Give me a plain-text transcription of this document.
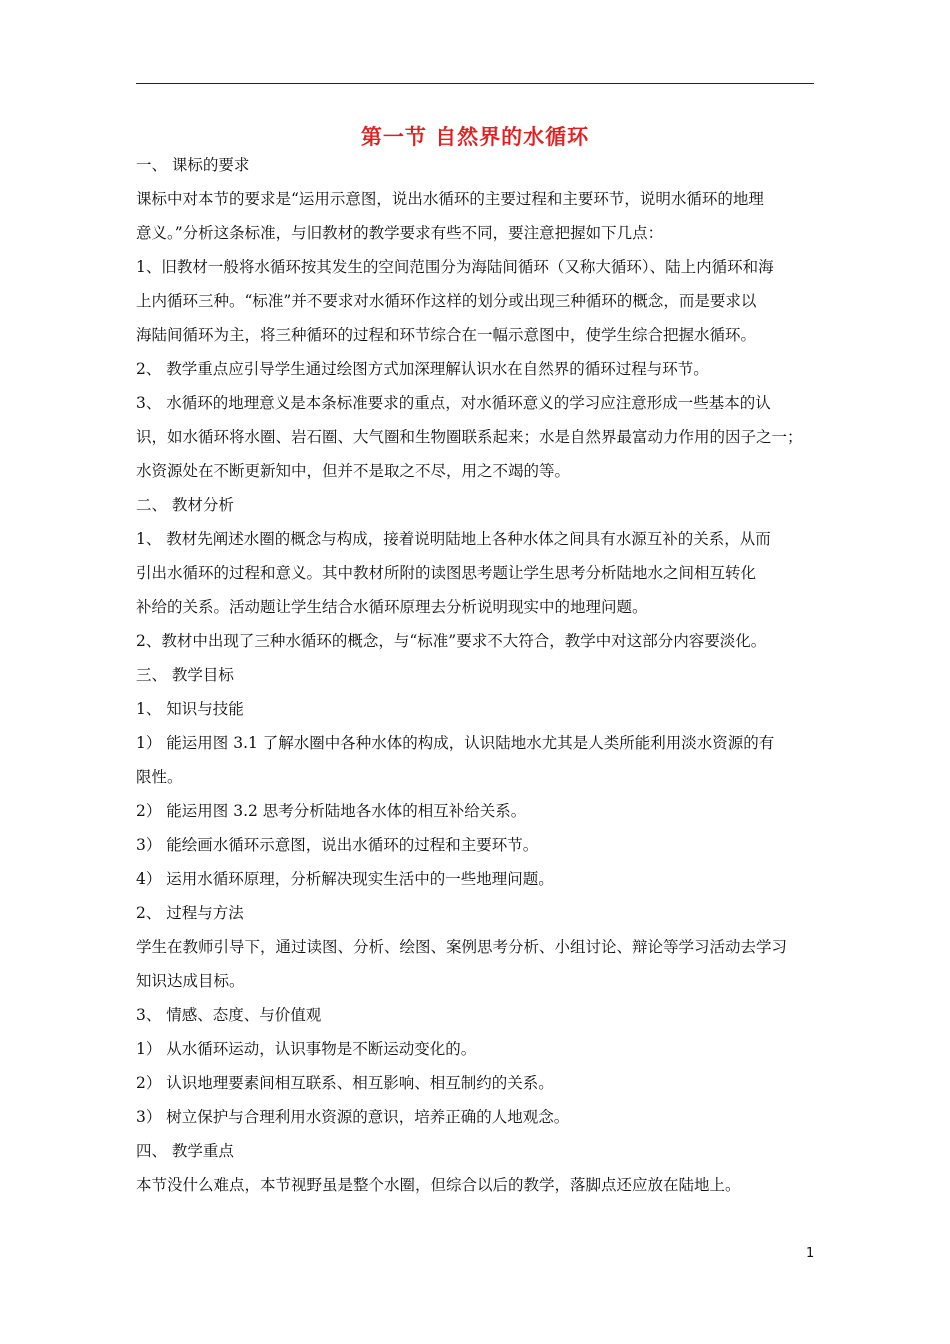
第一节 自然界的水循环
一、 课标的要求
课标中对本节的要求是“运用示意图，说出水循环的主要过程和主要环节，说明水循环的地理
意义。”分析这条标准，与旧教材的教学要求有些不同，要注意把握如下几点：
1、旧教材一般将水循环按其发生的空间范围分为海陆间循环（又称大循环）、陆上内循环和海
上内循环三种。“标准”并不要求对水循环作这样的划分或出现三种循环的概念，而是要求以
海陆间循环为主，将三种循环的过程和环节综合在一幅示意图中，使学生综合把握水循环。
2、 教学重点应引导学生通过绘图方式加深理解认识水在自然界的循环过程与环节。
3、 水循环的地理意义是本条标准要求的重点，对水循环意义的学习应注意形成一些基本的认
识，如水循环将水圈、岩石圈、大气圈和生物圈联系起来；水是自然界最富动力作用的因子之一；
水资源处在不断更新知中，但并不是取之不尽，用之不竭的等。
二、 教材分析
1、 教材先阐述水圈的概念与构成，接着说明陆地上各种水体之间具有水源互补的关系，从而
引出水循环的过程和意义。其中教材所附的读图思考题让学生思考分析陆地水之间相互转化
补给的关系。活动题让学生结合水循环原理去分析说明现实中的地理问题。
2、教材中出现了三种水循环的概念，与“标准”要求不大符合，教学中对这部分内容要淡化。
三、 教学目标
1、 知识与技能
1） 能运用图 3.1 了解水圈中各种水体的构成，认识陆地水尤其是人类所能利用淡水资源的有
限性。
2） 能运用图 3.2 思考分析陆地各水体的相互补给关系。
3） 能绘画水循环示意图，说出水循环的过程和主要环节。
4） 运用水循环原理，分析解决现实生活中的一些地理问题。
2、 过程与方法
学生在教师引导下，通过读图、分析、绘图、案例思考分析、小组讨论、辩论等学习活动去学习
知识达成目标。
3、 情感、态度、与价值观
1） 从水循环运动，认识事物是不断运动变化的。
2） 认识地理要素间相互联系、相互影响、相互制约的关系。
3） 树立保护与合理利用水资源的意识，培养正确的人地观念。
四、 教学重点
本节没什么难点，本节视野虽是整个水圈，但综合以后的教学，落脚点还应放在陆地上。
1
